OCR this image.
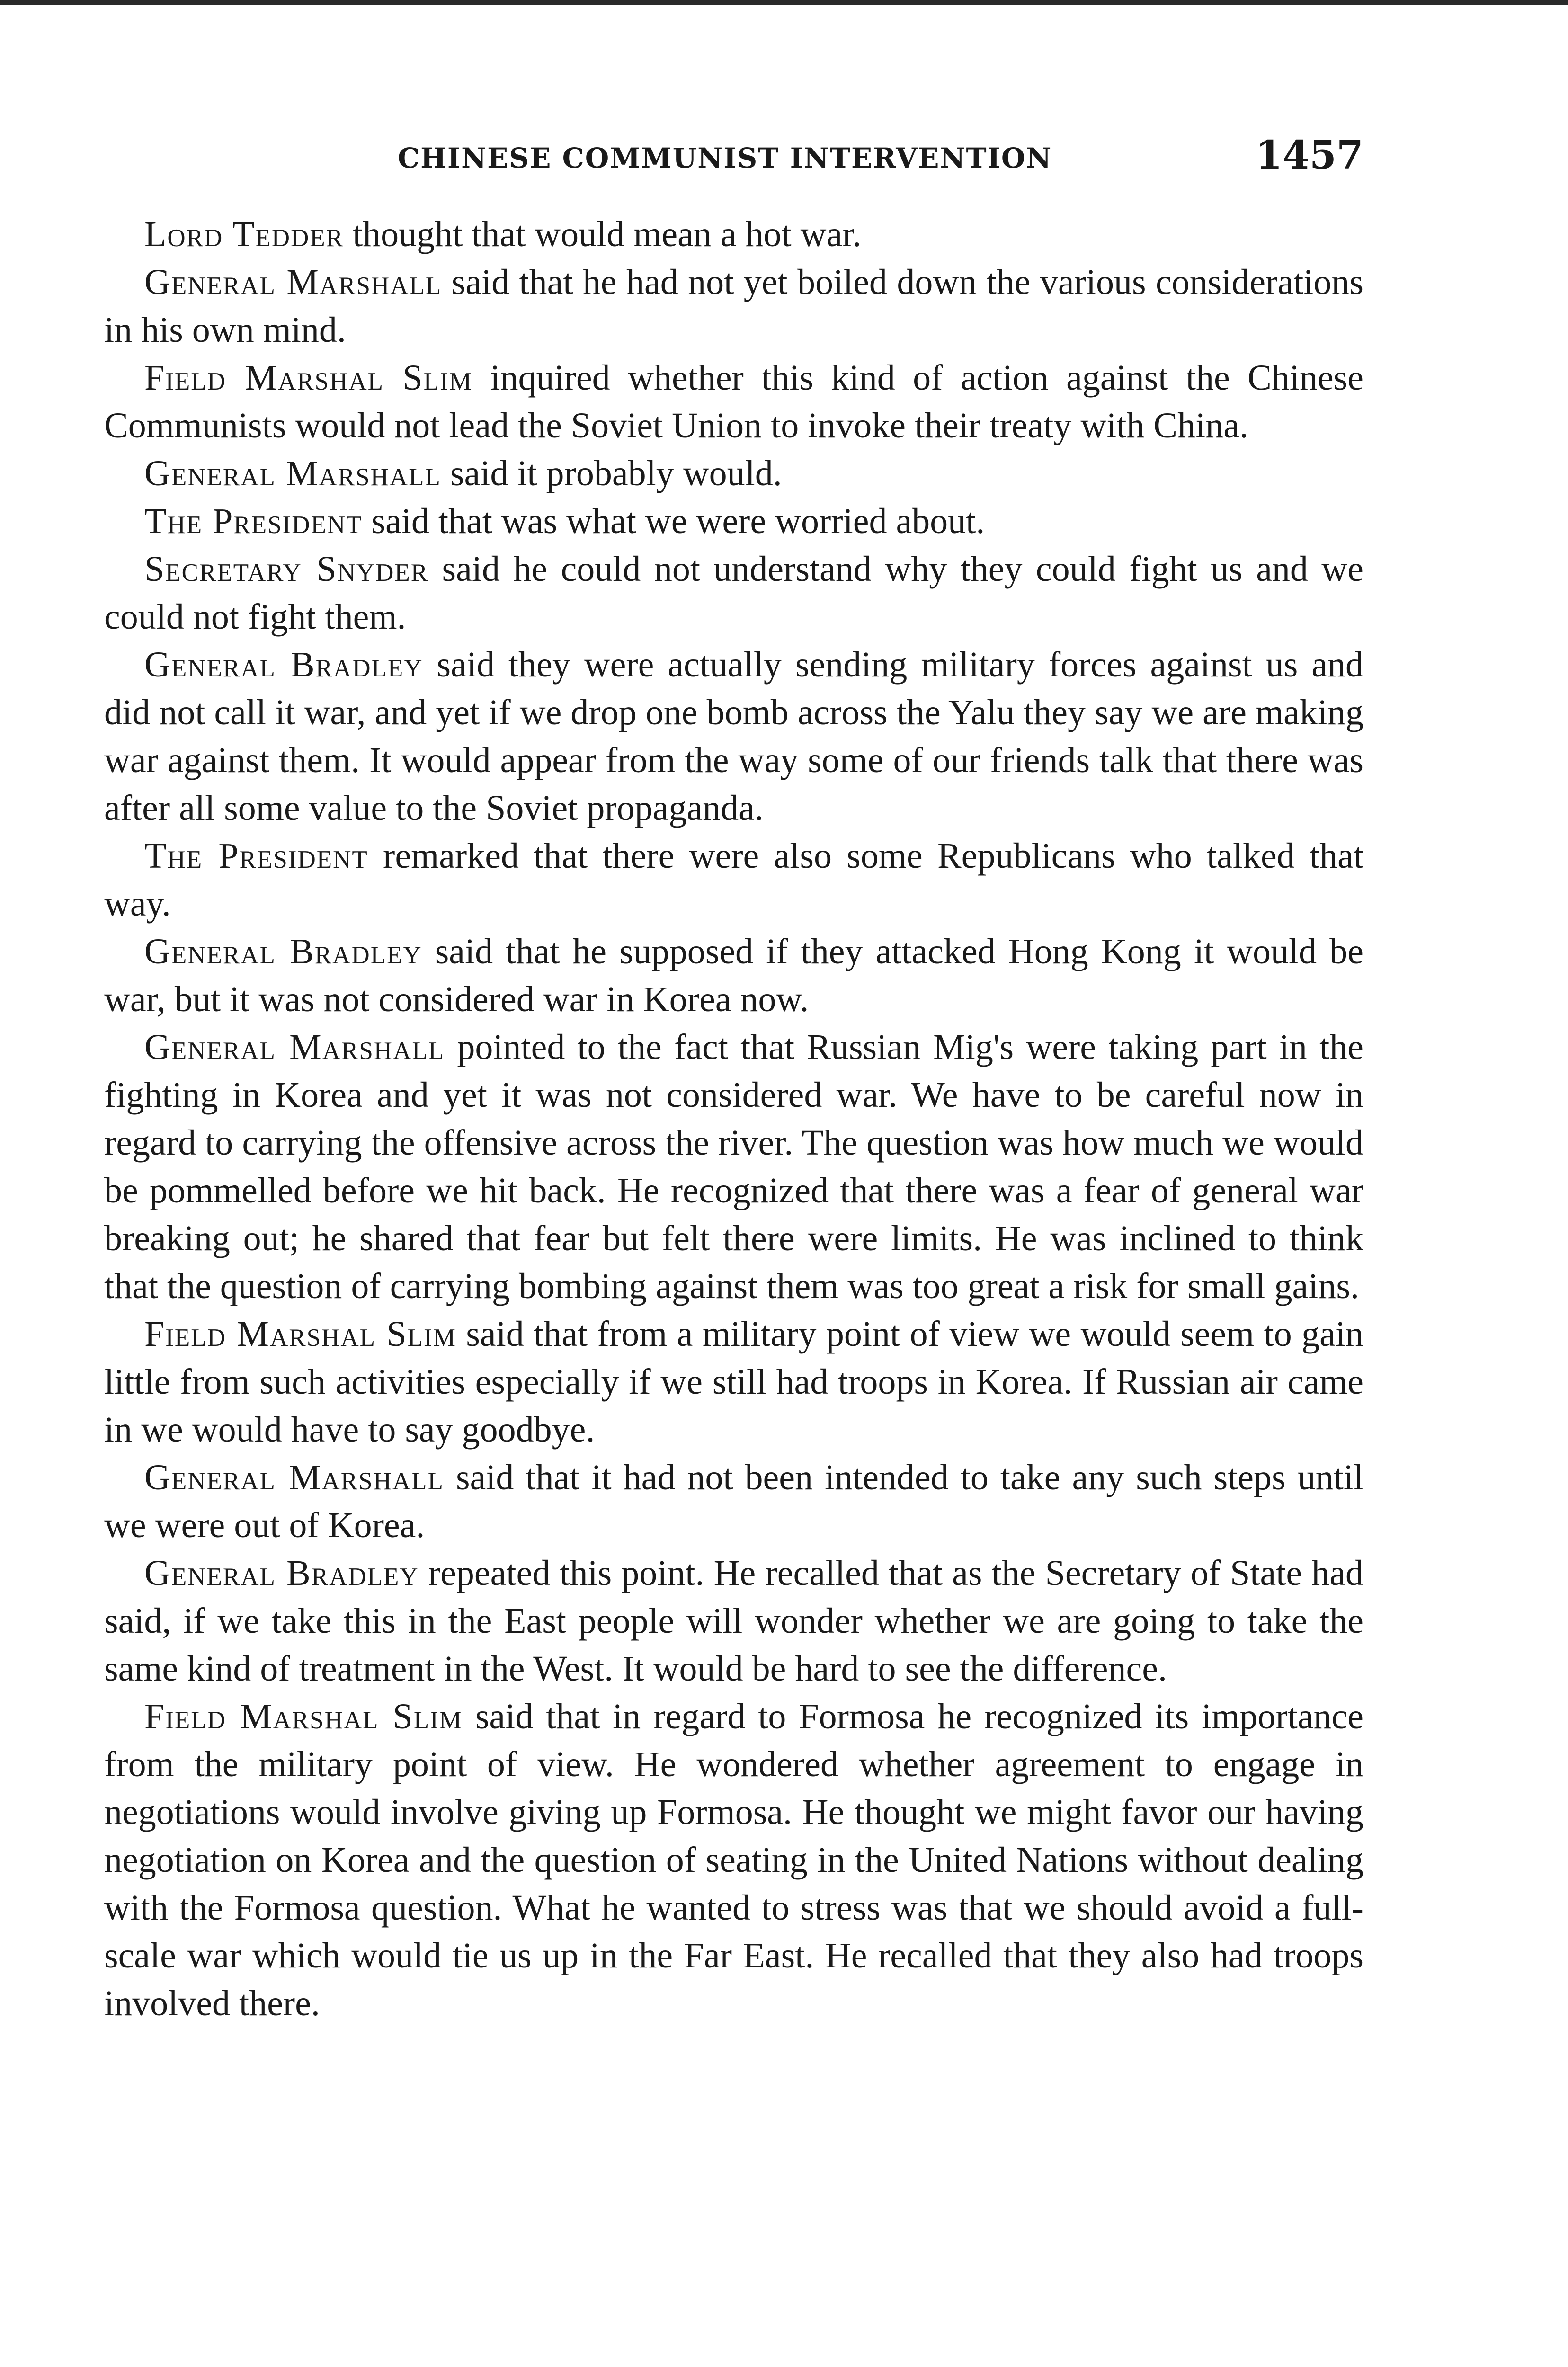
CHINESE COMMUNIST INTERVENTION	1457

Lord Tedder thought that would mean a hot war.

General Marshall said that he had not yet boiled down the various considerations in his own mind.

Field Marshal Slim inquired whether this kind of action against the Chinese Communists would not lead the Soviet Union to invoke their treaty with China.

General Marshall said it probably would.

The President said that was what we were worried about.

Secretary Snyder said he could not understand why they could fight us and we could not fight them.

General Bradley said they were actually sending military forces against us and did not call it war, and yet if we drop one bomb across the Yalu they say we are making war against them. It would appear from the way some of our friends talk that there was after all some value to the Soviet propaganda.

The President remarked that there were also some Republicans who talked that way.

General Bradley said that he supposed if they attacked Hong Kong it would be war, but it was not considered war in Korea now.

General Marshall pointed to the fact that Russian Mig's were taking part in the fighting in Korea and yet it was not considered war. We have to be careful now in regard to carrying the offensive across the river. The question was how much we would be pommelled before we hit back. He recognized that there was a fear of general war breaking out; he shared that fear but felt there were limits. He was inclined to think that the question of carrying bombing against them was too great a risk for small gains.

Field Marshal Slim said that from a military point of view we would seem to gain little from such activities especially if we still had troops in Korea. If Russian air came in we would have to say goodbye.

General Marshall said that it had not been intended to take any such steps until we were out of Korea.

General Bradley repeated this point. He recalled that as the Secretary of State had said, if we take this in the East people will wonder whether we are going to take the same kind of treatment in the West. It would be hard to see the difference.

Field Marshal Slim said that in regard to Formosa he recognized its importance from the military point of view. He wondered whether agreement to engage in negotiations would involve giving up Formosa. He thought we might favor our having negotiation on Korea and the question of seating in the United Nations without dealing with the Formosa question. What he wanted to stress was that we should avoid a full-scale war which would tie us up in the Far East. He recalled that they also had troops involved there.
